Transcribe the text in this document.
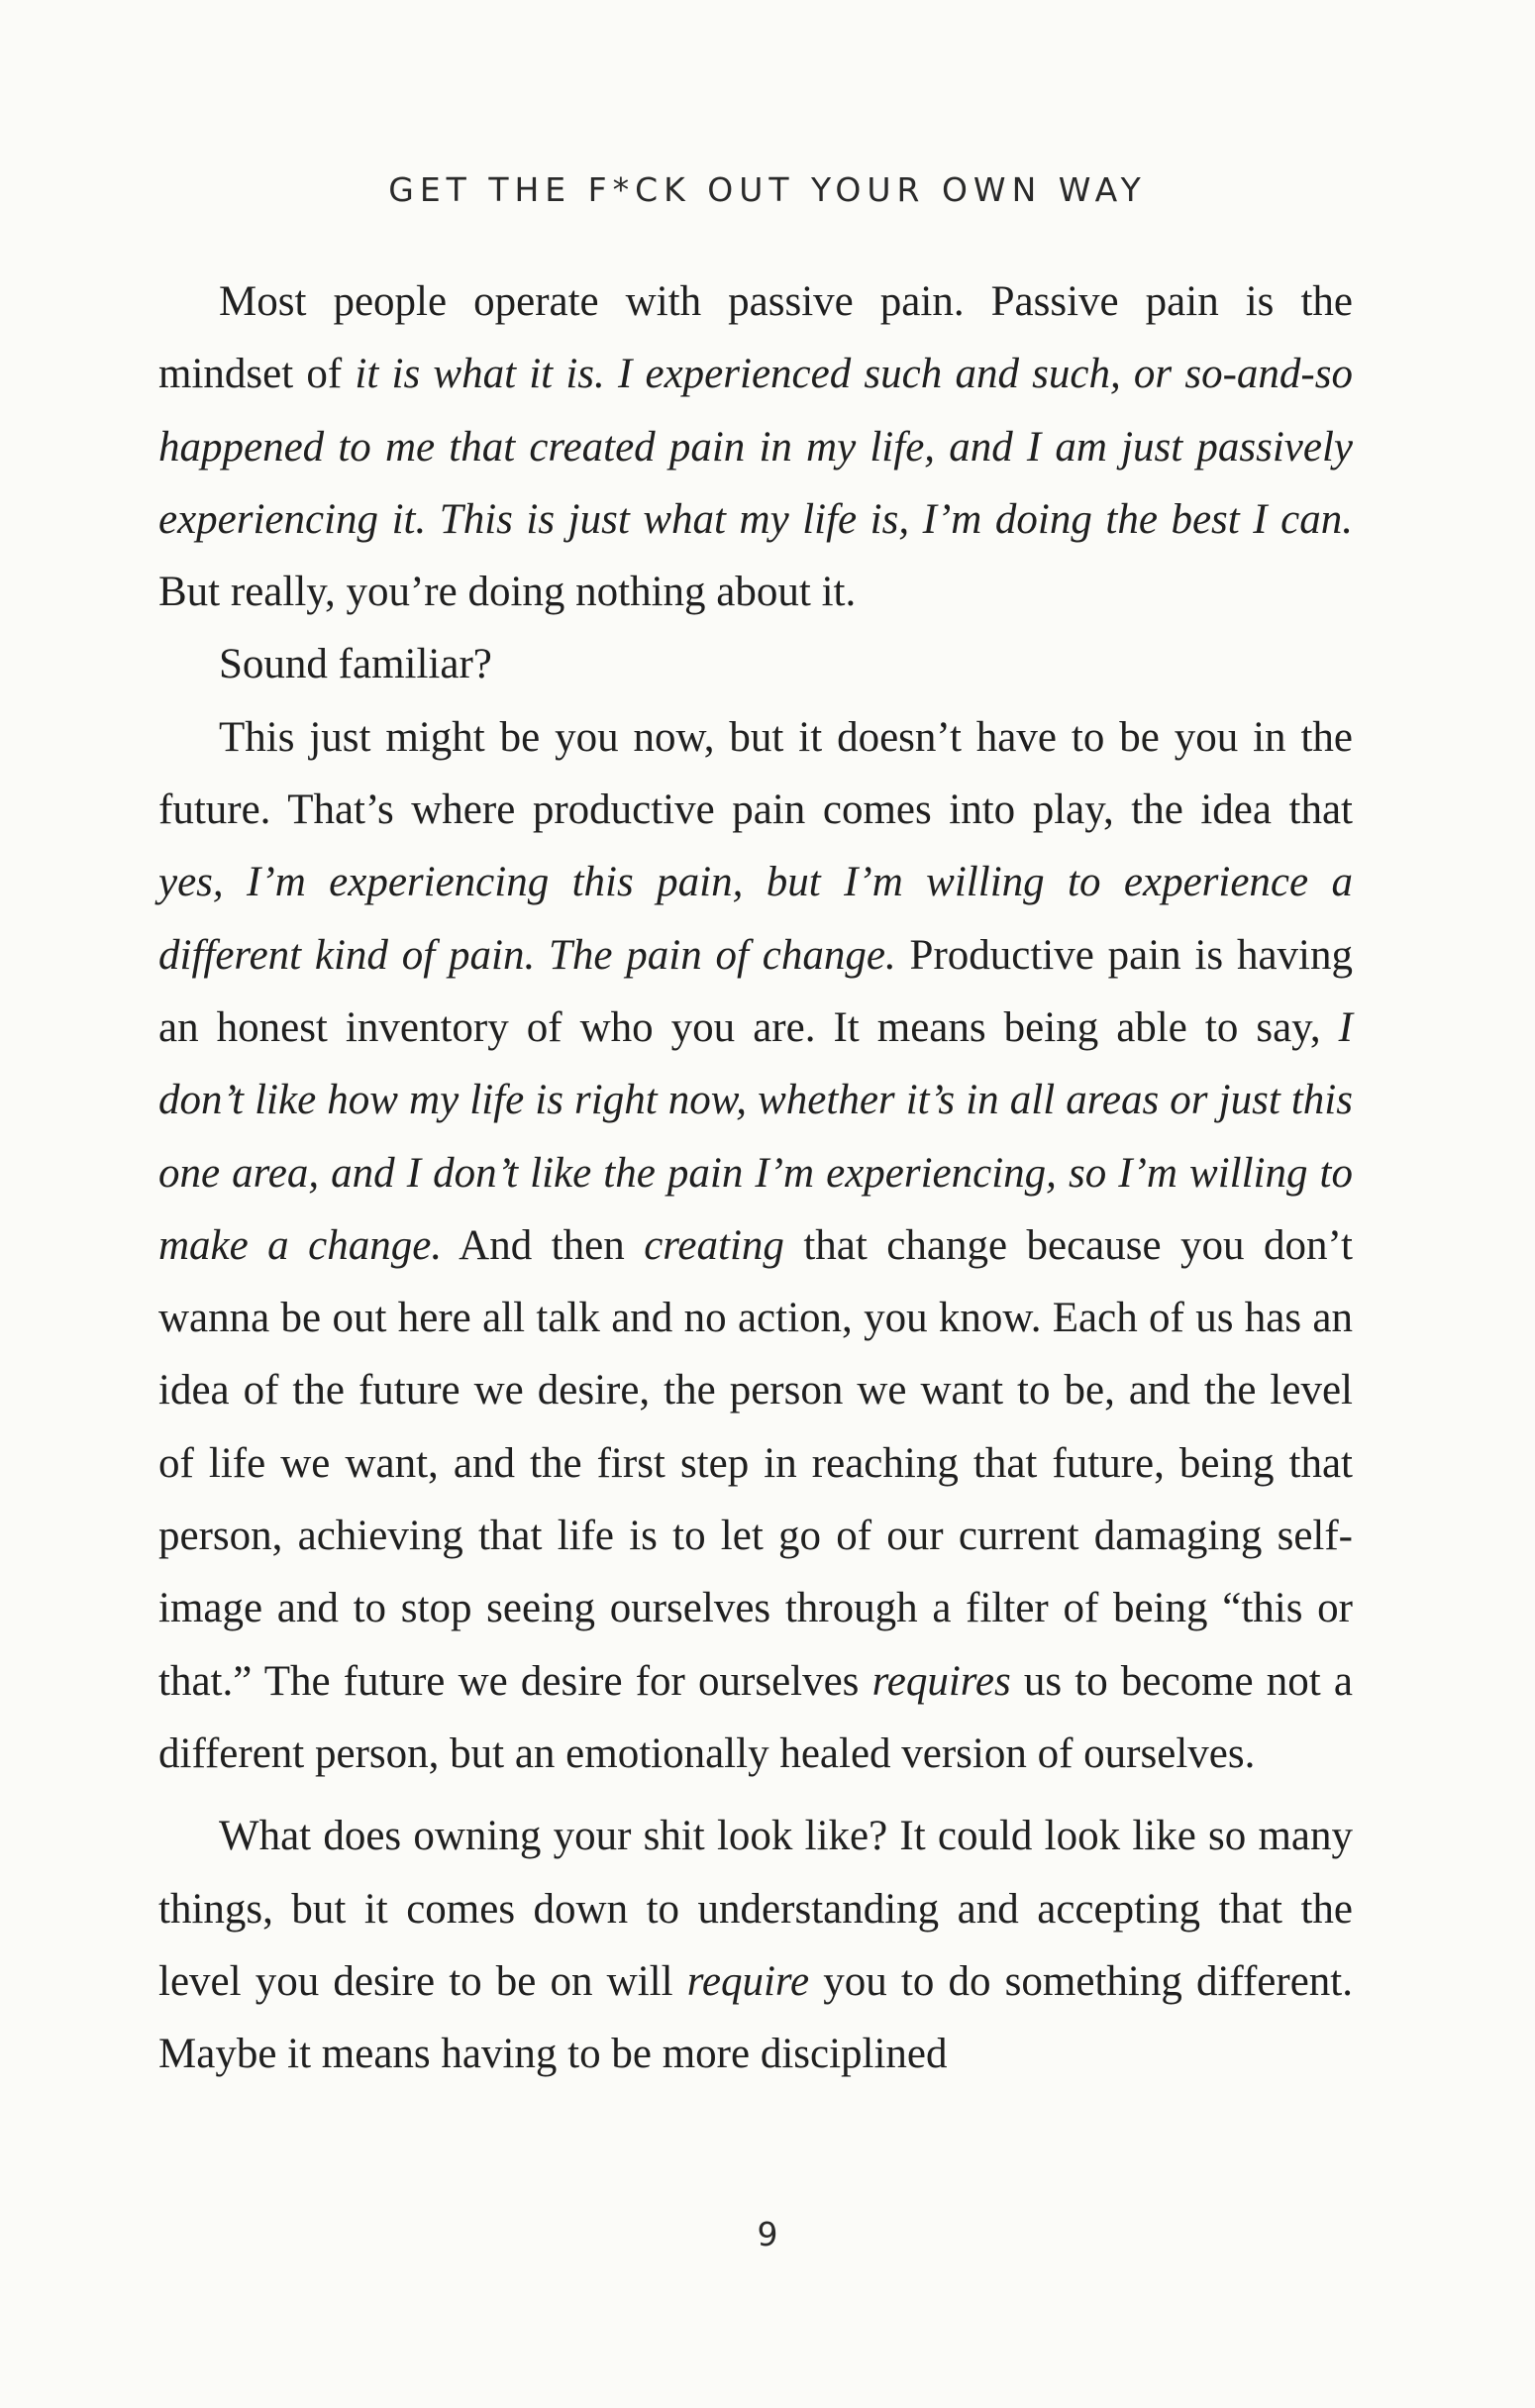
GET THE F*CK OUT YOUR OWN WAY

Most people operate with passive pain. Passive pain is the mindset of it is what it is. I experienced such and such, or so-and-so happened to me that created pain in my life, and I am just passively experiencing it. This is just what my life is, I’m doing the best I can. But really, you’re doing nothing about it.

Sound familiar?

This just might be you now, but it doesn’t have to be you in the future. That’s where productive pain comes into play, the idea that yes, I’m experiencing this pain, but I’m willing to experience a different kind of pain. The pain of change. Productive pain is having an honest inventory of who you are. It means being able to say, I don’t like how my life is right now, whether it’s in all areas or just this one area, and I don’t like the pain I’m experiencing, so I’m willing to make a change. And then creating that change because you don’t wanna be out here all talk and no action, you know. Each of us has an idea of the future we desire, the person we want to be, and the level of life we want, and the first step in reaching that future, being that person, achieving that life is to let go of our current damaging self-image and to stop seeing ourselves through a filter of being “this or that.” The future we desire for ourselves requires us to become not a different person, but an emotionally healed version of ourselves.

What does owning your shit look like? It could look like so many things, but it comes down to understanding and accepting that the level you desire to be on will require you to do something different. Maybe it means having to be more disciplined

9
